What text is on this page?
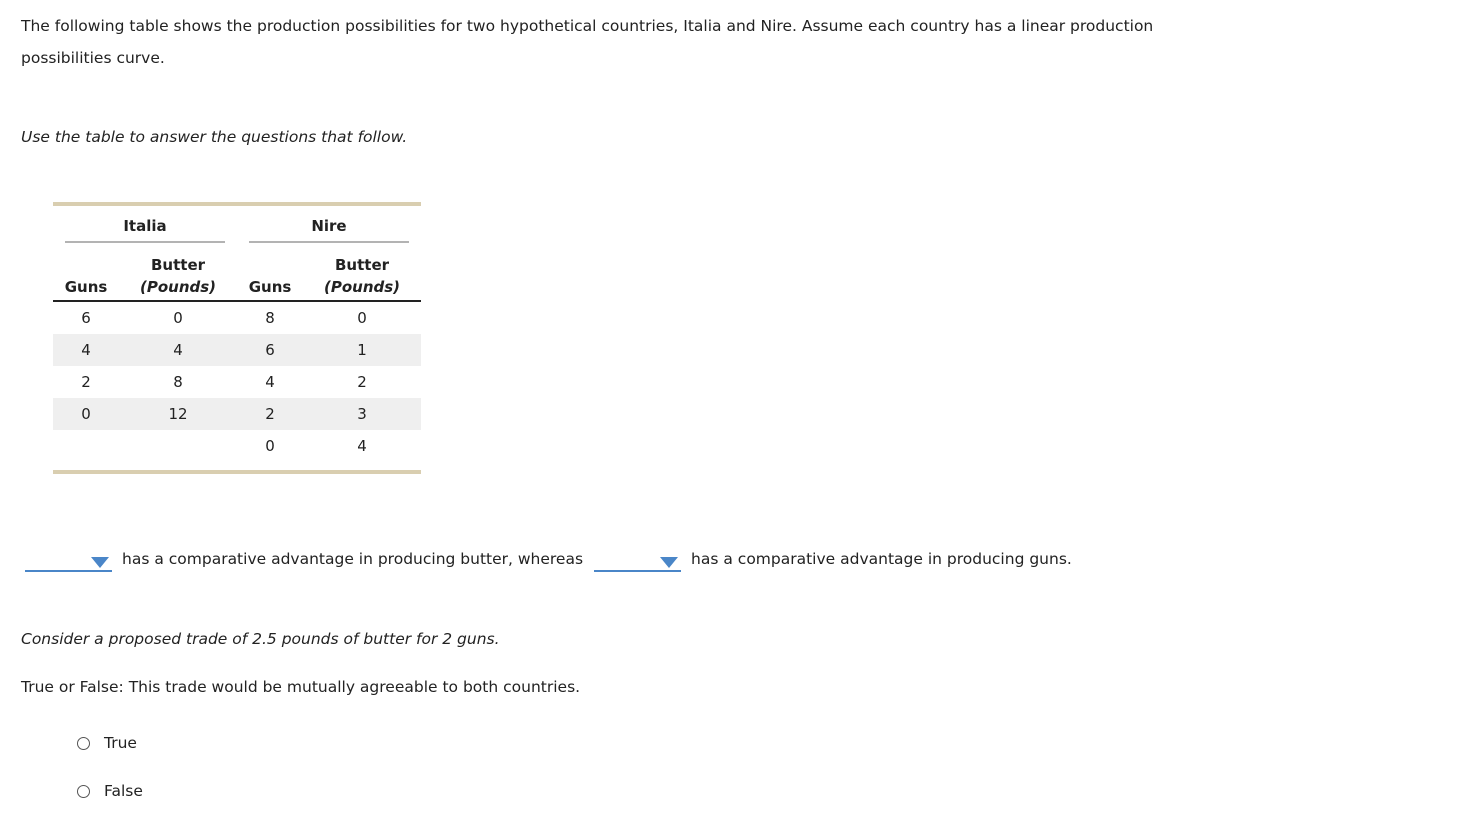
The following table shows the production possibilities for two hypothetical countries, Italia and Nire. Assume each country has a linear production possibilities curve.

Use the table to answer the questions that follow.

Italia		Nire	

	Butter		Butter
Guns	(Pounds)	Guns	(Pounds)
6	0	8	0
4	4	6	1
2	8	4	2
0	12	2	3
		0	4
has a comparative advantage in producing butter, whereas	has a comparative advantage in producing guns.

Consider a proposed trade of 2.5 pounds of butter for 2 guns.

True or False: This trade would be mutually agreeable to both countries.

True
False
